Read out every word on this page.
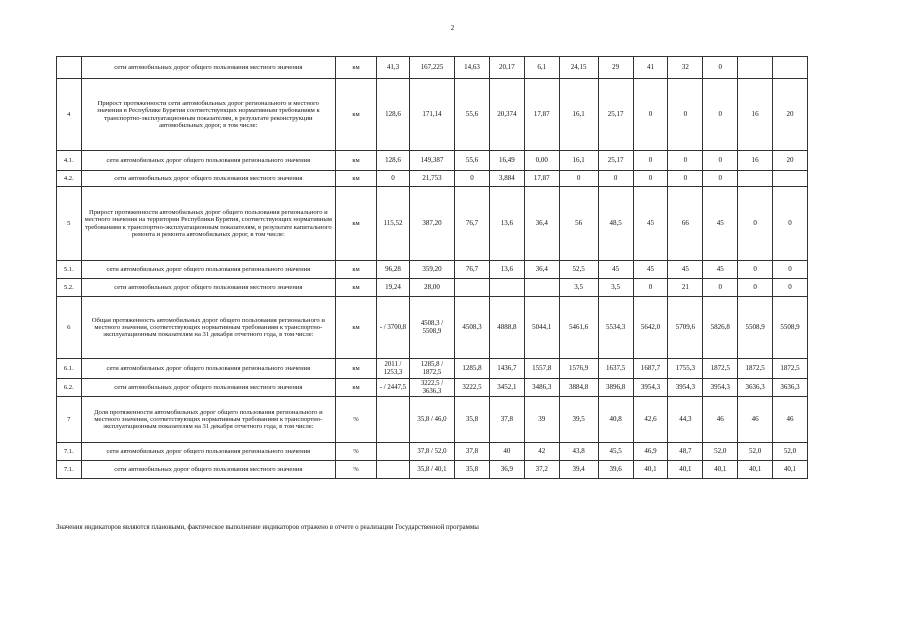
2
	сети автомобильных дорог общего пользования местного значения	км	41,3	167,225	14,63	20,17	6,1	24,15	29	41	32	0		
4	Прирост протяженности сети автомобильных дорог регионального и местного значения в Республике Бурятия соответствующих нормативным требованиям к транспортно-эксплуатационным показателям, в результате реконструкции автомобильных дорог, в том числе:	км	128,6	171,14	55,6	20,374	17,87	16,1	25,17	0	0	0	16	20
4.1.	сети автомобильных дорог общего пользования регионального значения	км	128,6	149,387	55,6	16,49	0,00	16,1	25,17	0	0	0	16	20
4.2.	сети автомобильных дорог общего пользования местного значения	км	0	21,753	0	3,884	17,87	0	0	0	0	0		
5	Прирост протяженности автомобильных дорог общего пользования регионального и местного значения на территории Республики Бурятия, соответствующих нормативным требованиям к транспортно-эксплуатационным показателям, в результате капитального ремонта и ремонта автомобильных дорог, в том числе:	км	115,52	387,20	76,7	13,6	36,4	56	48,5	45	66	45	0	0
5.1.	сети автомобильных дорог общего пользования регионального значения	км	96,28	359,20	76,7	13,6	36,4	52,5	45	45	45	45	0	0
5.2.	сети автомобильных дорог общего пользования местного значения	км	19,24	28,00				3,5	3,5	0	21	0	0	0
6	Общая протяженность автомобильных дорог общего пользования регионального и местного значения, соответствующих нормативным требованиям к транспортно-эксплуатационным показателям на 31 декабря отчетного года, в том числе:	км	- / 3700,8	4508,3 / 5508,9	4508,3	4888,8	5044,1	5461,6	5534,3	5642,0	5709,6	5826,8	5508,9	5508,9
6.1.	сети автомобильных дорог общего пользования регионального значения	км	2011 / 1253,3	1285,8 / 1872,5	1285,8	1436,7	1557,8	1576,9	1637,5	1687,7	1755,3	1872,5	1872,5	1872,5
6.2.	сети автомобильных дорог общего пользования местного значения	км	- / 2447,5	3222,5 / 3636,3	3222,5	3452,1	3486,3	3884,8	3896,8	3954,3	3954,3	3954,3	3636,3	3636,3
7	Доля протяженности автомобильных дорог общего пользования регионального и местного значения, соответствующих нормативным требованиям к транспортно-эксплуатационным показателям на 31 декабря отчетного года, в том числе:	%		35,8 / 46,0	35,8	37,8	39	39,5	40,8	42,6	44,3	46	46	46
7.1.	сети автомобильных дорог общего пользования регионального значения	%		37,8 / 52,0	37,8	40	42	43,8	45,5	46,9	48,7	52,0	52,0	52,0
7.1.	сети автомобильных дорог общего пользования местного значения	%		35,8 / 40,1	35,8	36,9	37,2	39,4	39,6	40,1	40,1	40,1	40,1	40,1
Значения индикаторов являются плановыми, фактическое выполнение индикаторов отражено в отчете о реализации Государственной программы
